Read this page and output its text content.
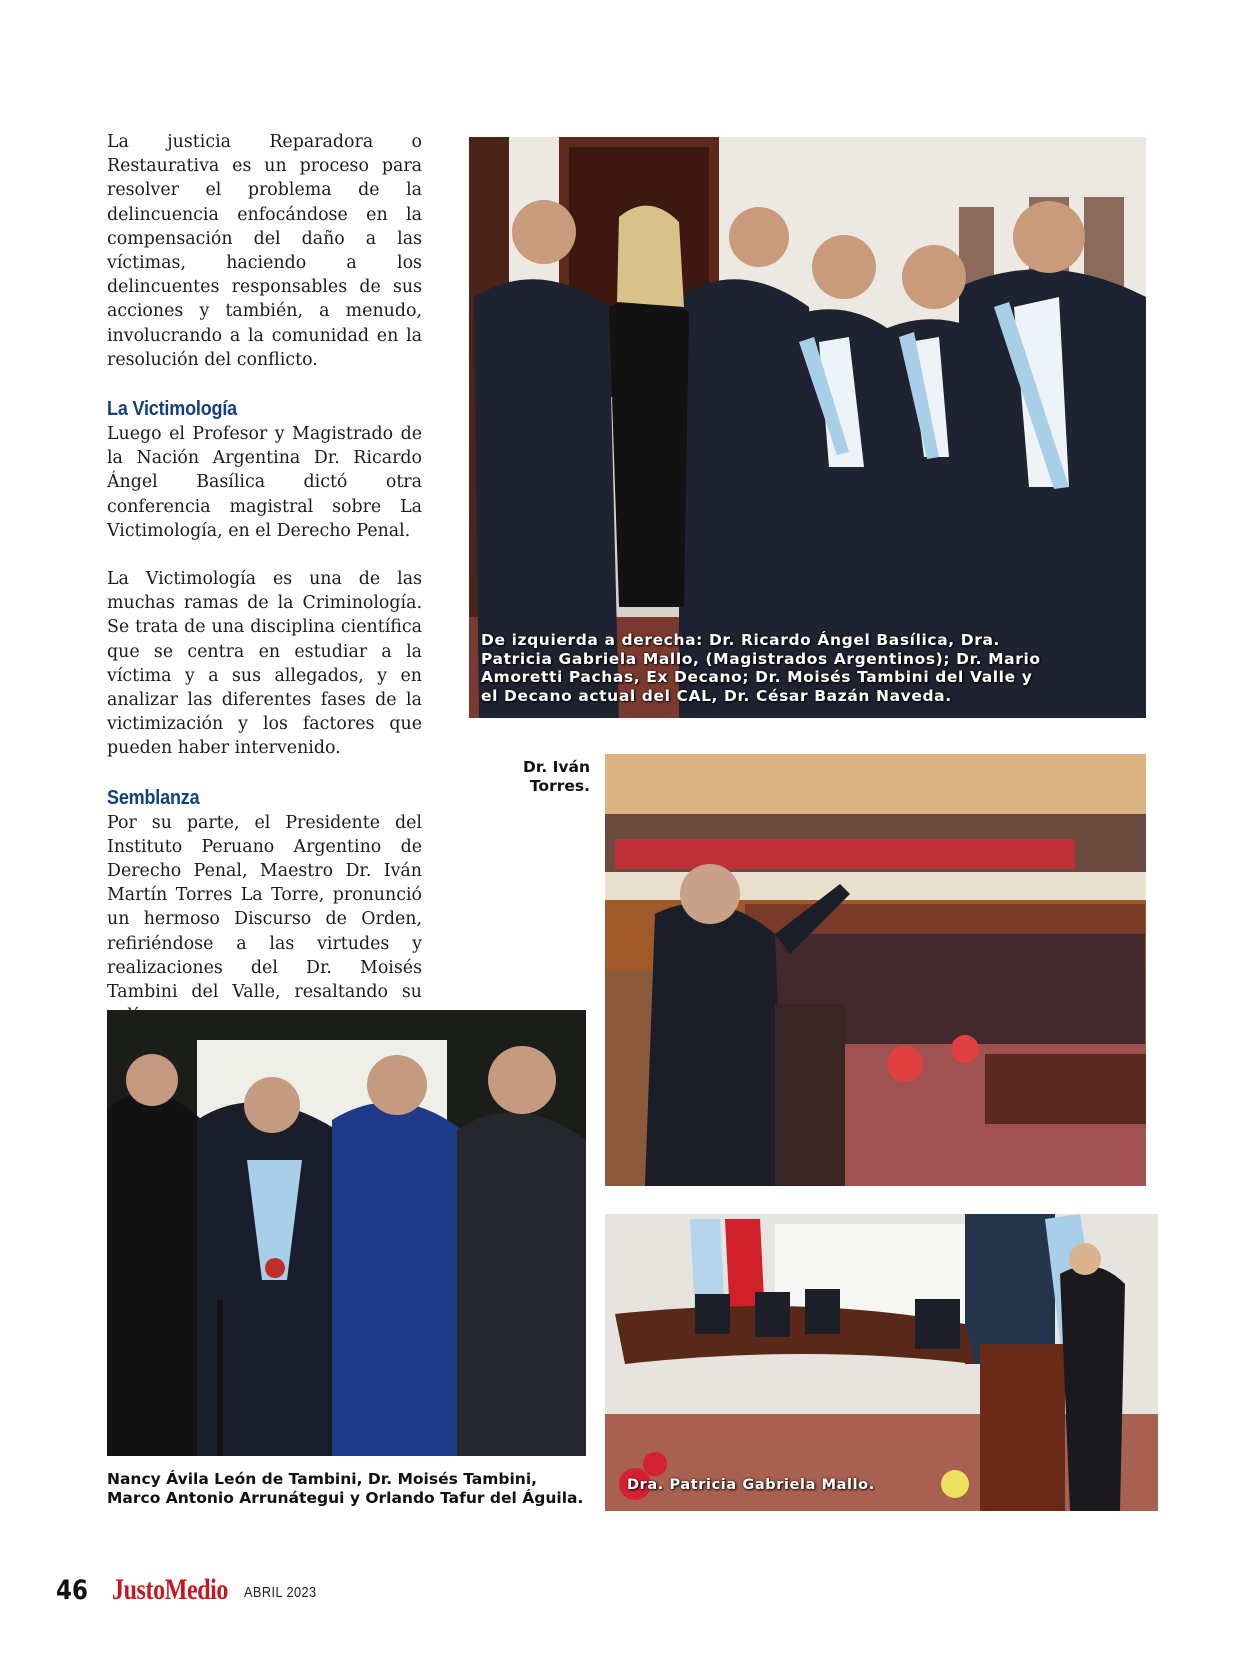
La justicia Reparadora o Restaurativa es un proceso para resolver el problema de la delincuencia enfocándose en la compensación del daño a las víctimas, haciendo a los delincuentes responsables de sus acciones y también, a menudo, involucrando a la comunidad en la resolución del conflicto.

La Victimología

Luego el Profesor y Magistrado de la Nación Argentina Dr. Ricardo Ángel Basílica dictó otra conferencia magistral sobre La Victimología, en el Derecho Penal.

La Victimología es una de las muchas ramas de la Criminología. Se trata de una disciplina científica que se centra en estudiar a la víctima y a sus allegados, y en analizar las diferentes fases de la victimización y los factores que pueden haber intervenido.

Semblanza

Por su parte, el Presidente del Instituto Peruano Argentino de Derecho Penal, Maestro Dr. Iván Martín Torres La Torre, pronunció un hermoso Discurso de Orden, refiriéndose a las virtudes y realizaciones del Dr. Moisés Tambini del Valle, resaltando su

De izquierda a derecha: Dr. Ricardo Ángel Basílica, Dra. Patricia Gabriela Mallo, (Magistrados Argentinos); Dr. Mario Amoretti Pachas, Ex Decano; Dr. Moisés Tambini del Valle y el Decano actual del CAL, Dr. César Bazán Naveda.
Dr. Iván
Torres.
Nancy Ávila León de Tambini, Dr. Moisés Tambini,
Marco Antonio Arrunátegui y Orlando Tafur del Águila.
Dra. Patricia Gabriela Mallo.
46 JustoMedio ABRIL 2023
